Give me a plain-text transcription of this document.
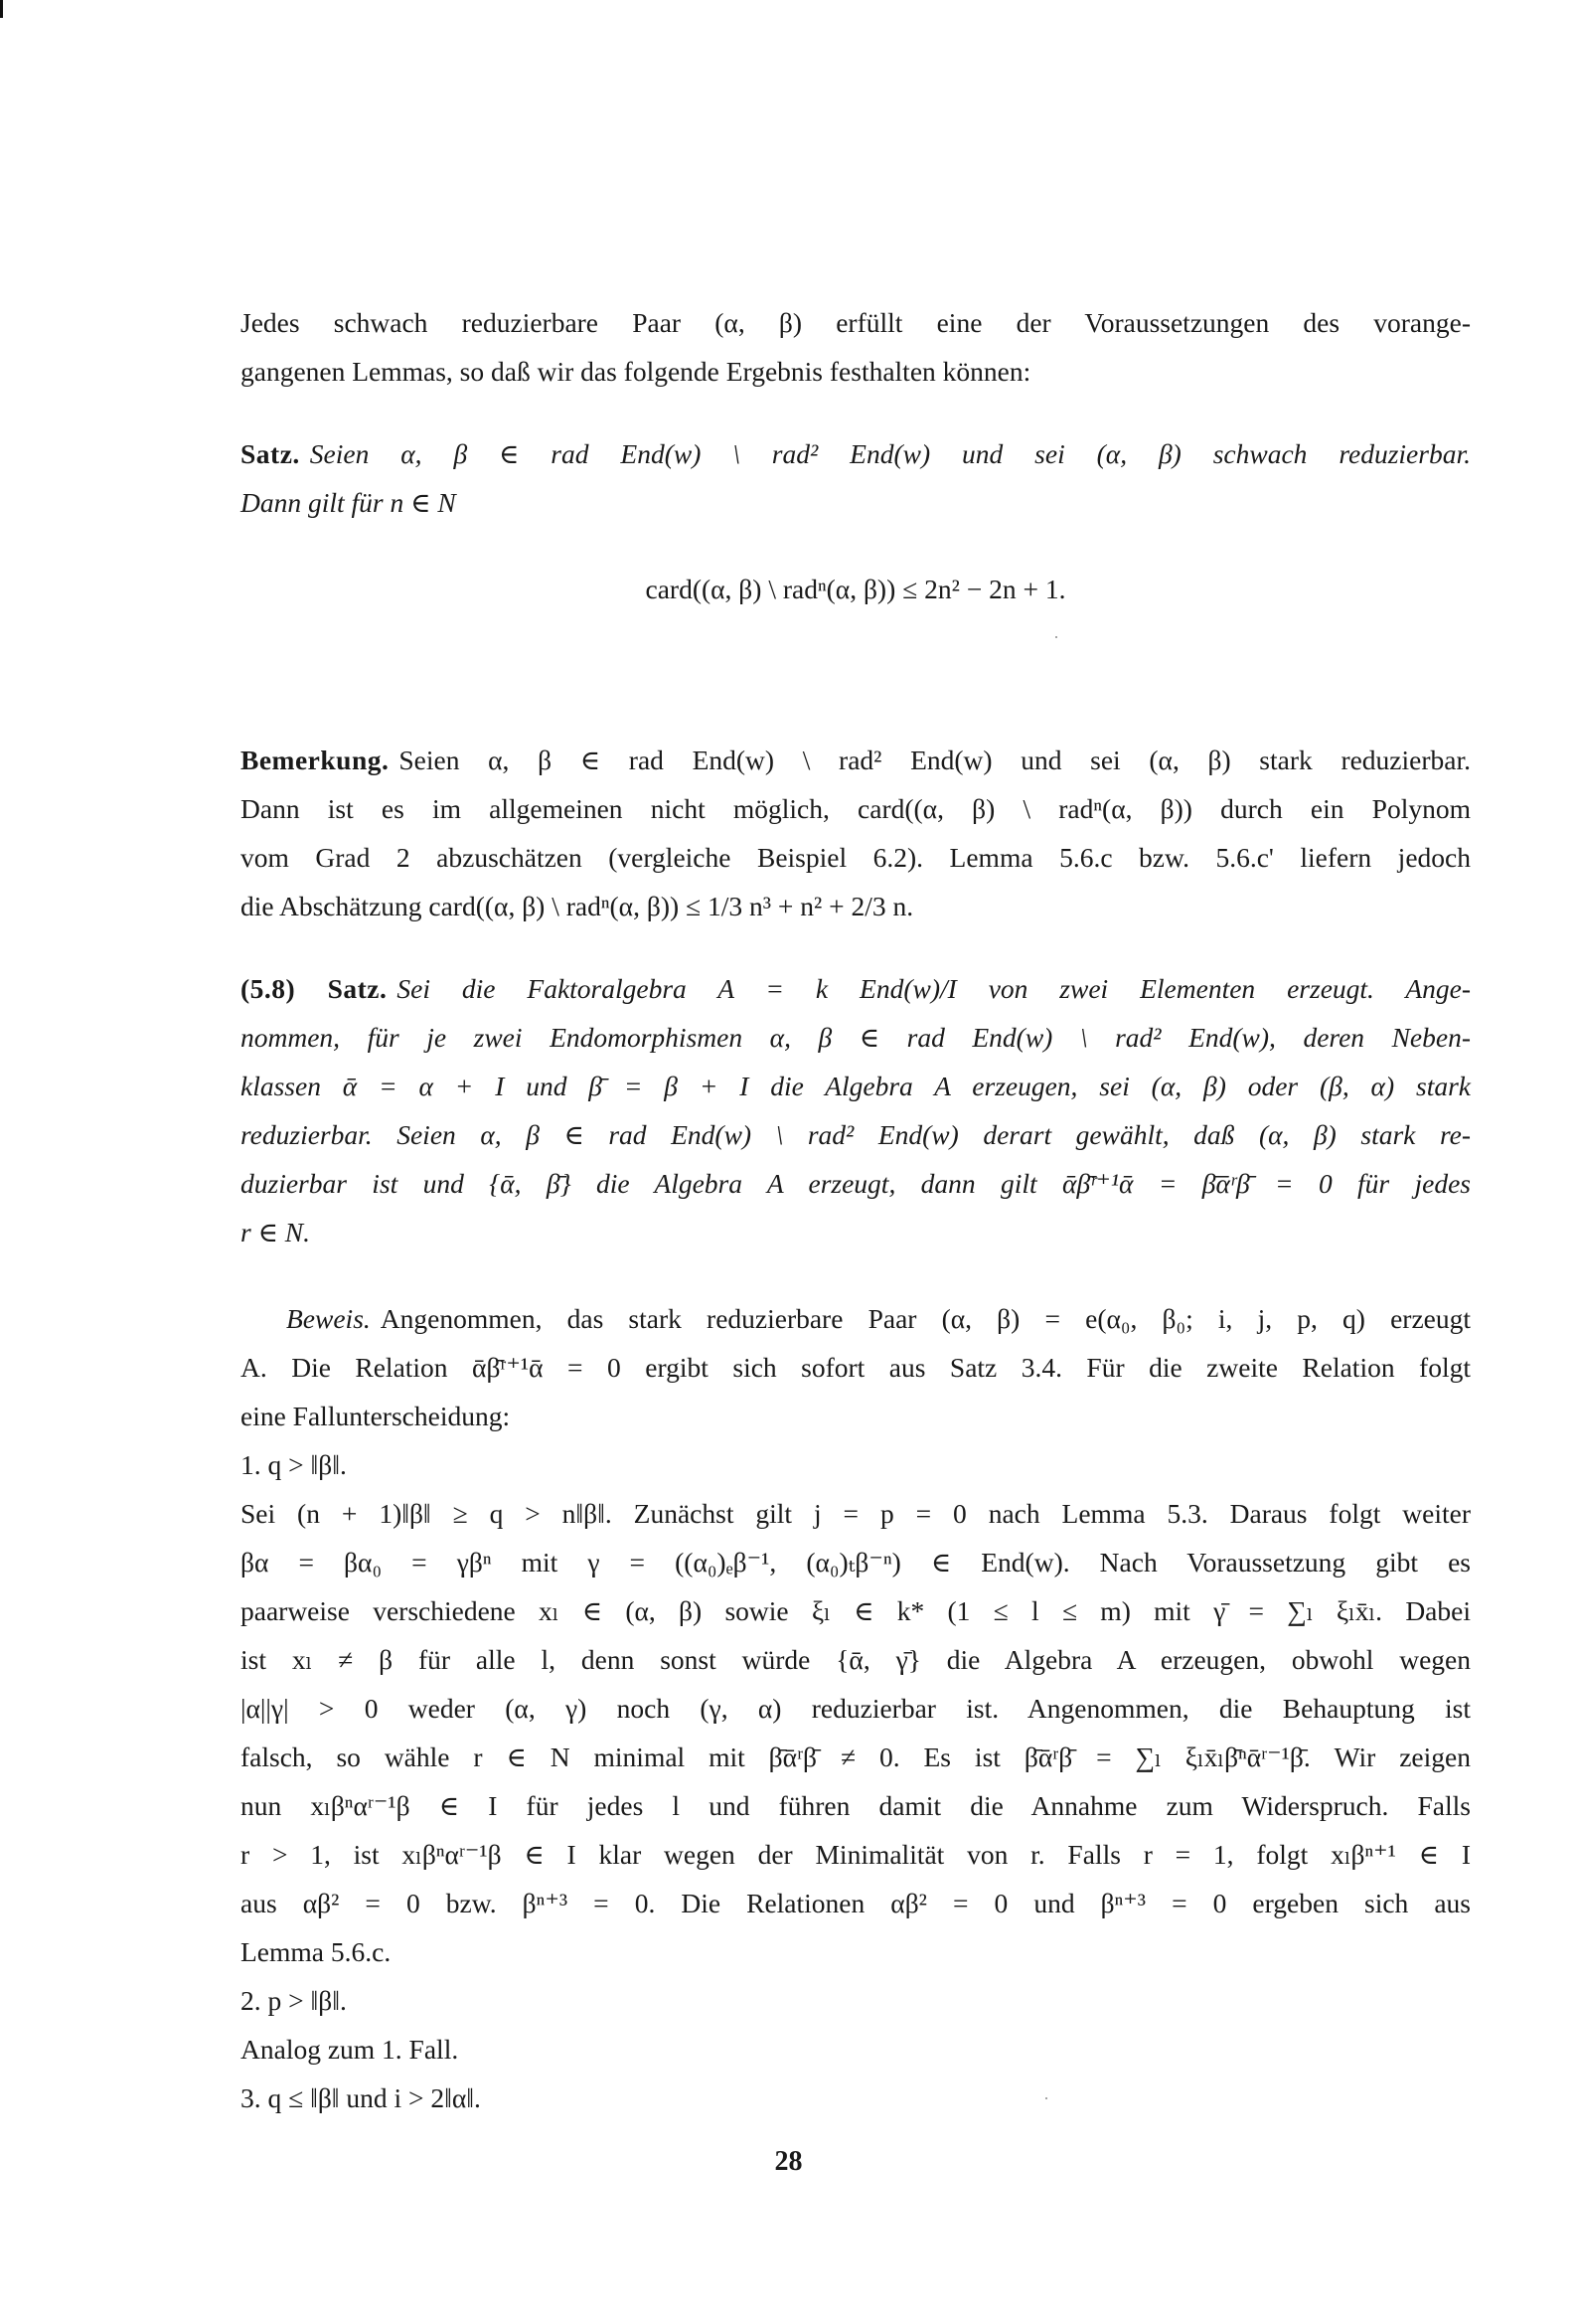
Jedes schwach reduzierbare Paar (α, β) erfüllt eine der Voraussetzungen des vorange-
gangenen Lemmas, so daß wir das folgende Ergebnis festhalten können:
Satz. Seien α, β ∈ rad End(w) \ rad² End(w) und sei (α, β) schwach reduzierbar.
Dann gilt für n ∈ N
card((α, β) \ radⁿ(α, β)) ≤ 2n² − 2n + 1.
Bemerkung. Seien α, β ∈ rad End(w) \ rad² End(w) und sei (α, β) stark reduzierbar.
Dann ist es im allgemeinen nicht möglich, card((α, β) \ radⁿ(α, β)) durch ein Polynom
vom Grad 2 abzuschätzen (vergleiche Beispiel 6.2). Lemma 5.6.c bzw. 5.6.c' liefern jedoch
die Abschätzung card((α, β) \ radⁿ(α, β)) ≤ 1/3 n³ + n² + 2/3 n.
(5.8) Satz. Sei die Faktoralgebra A = k End(w)/I von zwei Elementen erzeugt. Ange-
nommen, für je zwei Endomorphismen α, β ∈ rad End(w) \ rad² End(w), deren Neben-
klassen ᾱ = α + I und β̄ = β + I die Algebra A erzeugen, sei (α, β) oder (β, α) stark
reduzierbar. Seien α, β ∈ rad End(w) \ rad² End(w) derart gewählt, daß (α, β) stark re-
duzierbar ist und {ᾱ, β̄} die Algebra A erzeugt, dann gilt ᾱβ̄ʳ⁺¹ᾱ = β̄ᾱʳβ̄ = 0 für jedes
r ∈ N.
Beweis. Angenommen, das stark reduzierbare Paar (α, β) = e(α₀, β₀; i, j, p, q) erzeugt
A. Die Relation ᾱβ̄ʳ⁺¹ᾱ = 0 ergibt sich sofort aus Satz 3.4. Für die zweite Relation folgt
eine Fallunterscheidung:
1. q > ‖β‖.
Sei (n + 1)‖β‖ ≥ q > n‖β‖. Zunächst gilt j = p = 0 nach Lemma 5.3. Daraus folgt weiter
βα = βα₀ = γβⁿ mit γ = ((α₀)ₑβ⁻¹, (α₀)ₜβ⁻ⁿ) ∈ End(w). Nach Voraussetzung gibt es
paarweise verschiedene xₗ ∈ (α, β) sowie ξₗ ∈ k* (1 ≤ l ≤ m) mit γ̄ = ∑ₗ ξₗx̄ₗ. Dabei
ist xₗ ≠ β für alle l, denn sonst würde {ᾱ, γ̄} die Algebra A erzeugen, obwohl wegen
|α||γ| > 0 weder (α, γ) noch (γ, α) reduzierbar ist. Angenommen, die Behauptung ist
falsch, so wähle r ∈ N minimal mit β̄ᾱʳβ̄ ≠ 0. Es ist β̄ᾱʳβ̄ = ∑ₗ ξₗx̄ₗβ̄ⁿᾱʳ⁻¹β̄. Wir zeigen
nun xₗβⁿαʳ⁻¹β ∈ I für jedes l und führen damit die Annahme zum Widerspruch. Falls
r > 1, ist xₗβⁿαʳ⁻¹β ∈ I klar wegen der Minimalität von r. Falls r = 1, folgt xₗβⁿ⁺¹ ∈ I
aus αβ² = 0 bzw. βⁿ⁺³ = 0. Die Relationen αβ² = 0 und βⁿ⁺³ = 0 ergeben sich aus
Lemma 5.6.c.
2. p > ‖β‖.
Analog zum 1. Fall.
3. q ≤ ‖β‖ und i > 2‖α‖.
28
